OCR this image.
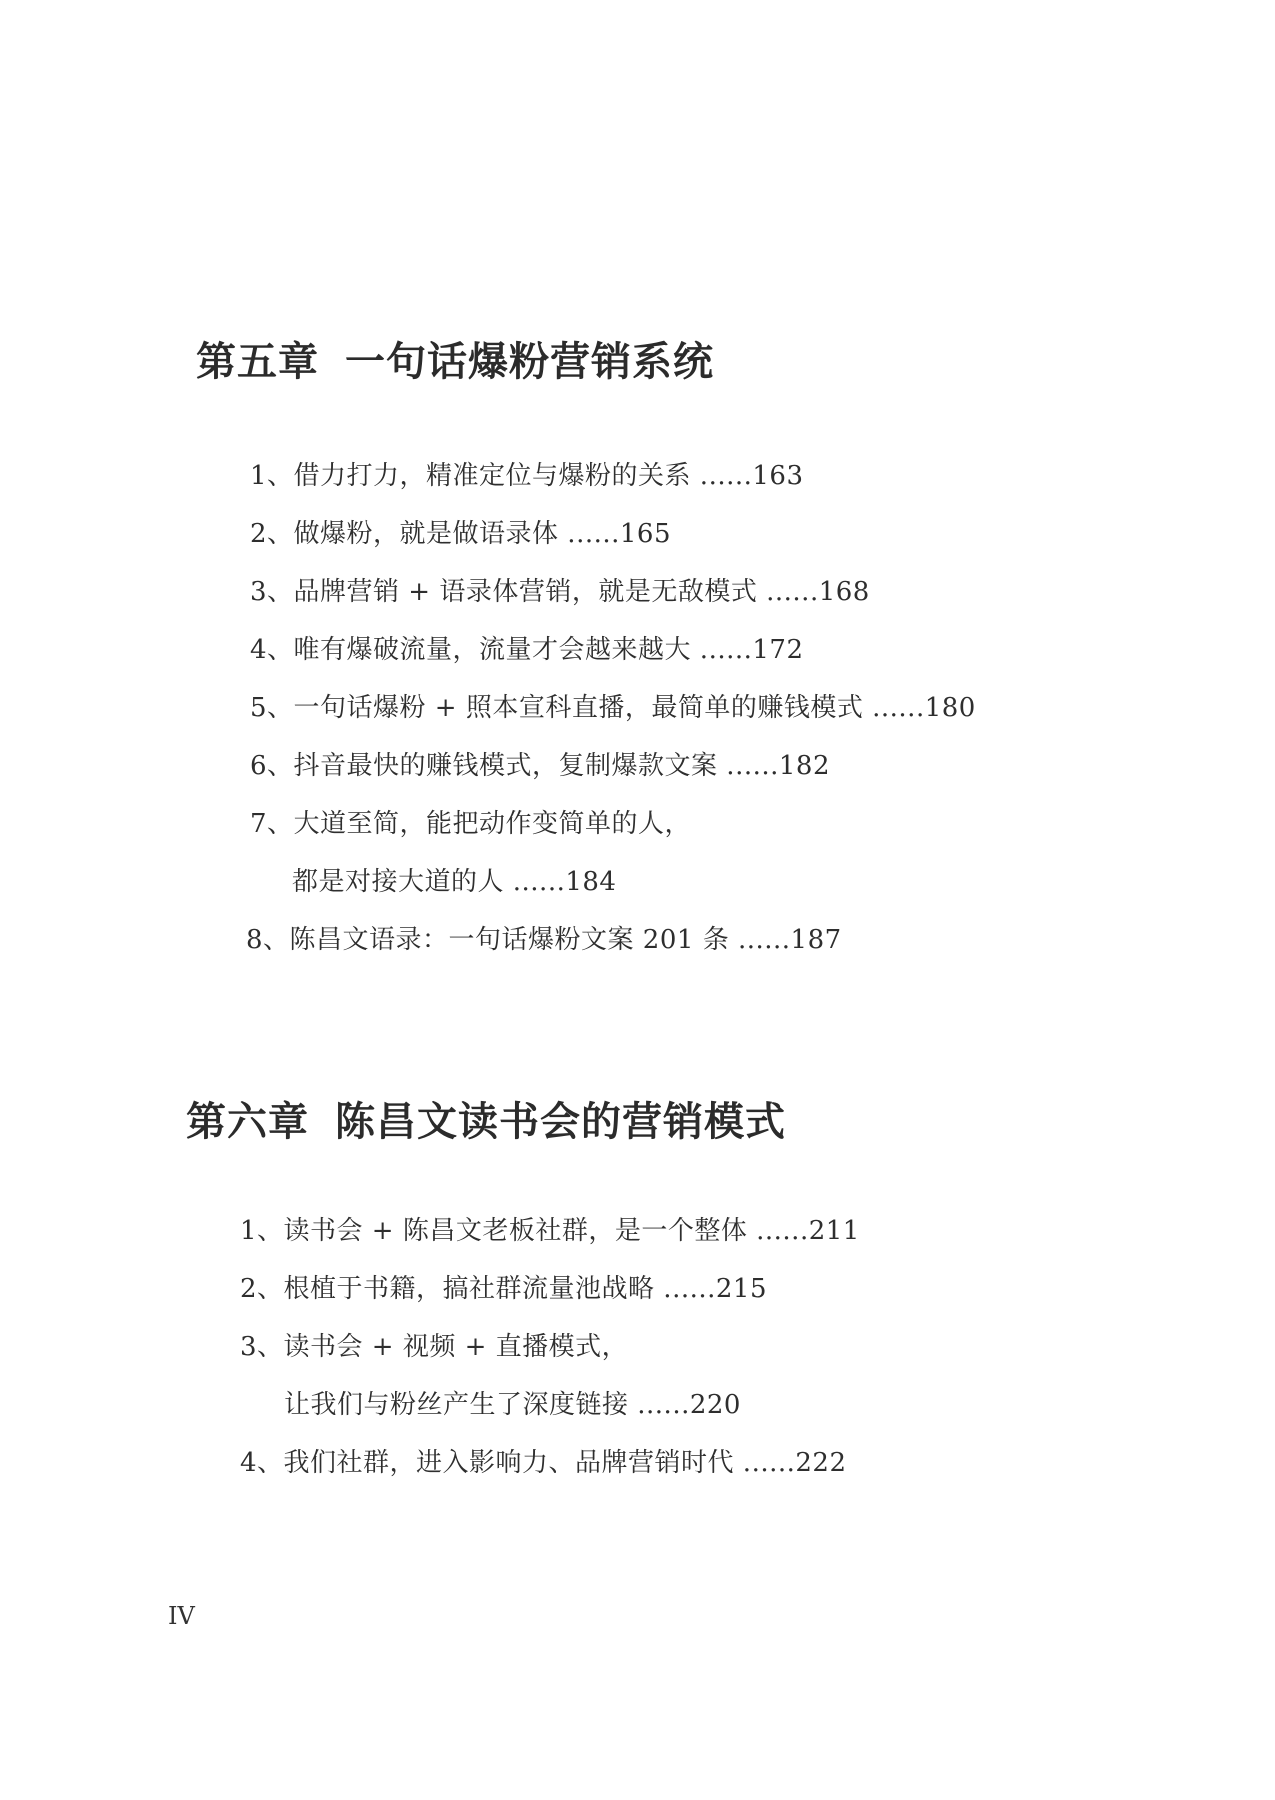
第五章 一句话爆粉营销系统
1、借力打力，精准定位与爆粉的关系 ......163
2、做爆粉，就是做语录体 ......165
3、品牌营销 + 语录体营销，就是无敌模式 ......168
4、唯有爆破流量，流量才会越来越大 ......172
5、一句话爆粉 + 照本宣科直播，最简单的赚钱模式 ......180
6、抖音最快的赚钱模式，复制爆款文案 ......182
7、大道至简，能把动作变简单的人，
都是对接大道的人 ......184
8、陈昌文语录：一句话爆粉文案 201 条 ......187
第六章 陈昌文读书会的营销模式
1、读书会 + 陈昌文老板社群，是一个整体 ......211
2、根植于书籍，搞社群流量池战略 ......215
3、读书会 + 视频 + 直播模式，
让我们与粉丝产生了深度链接 ......220
4、我们社群，进入影响力、品牌营销时代 ......222
IV
